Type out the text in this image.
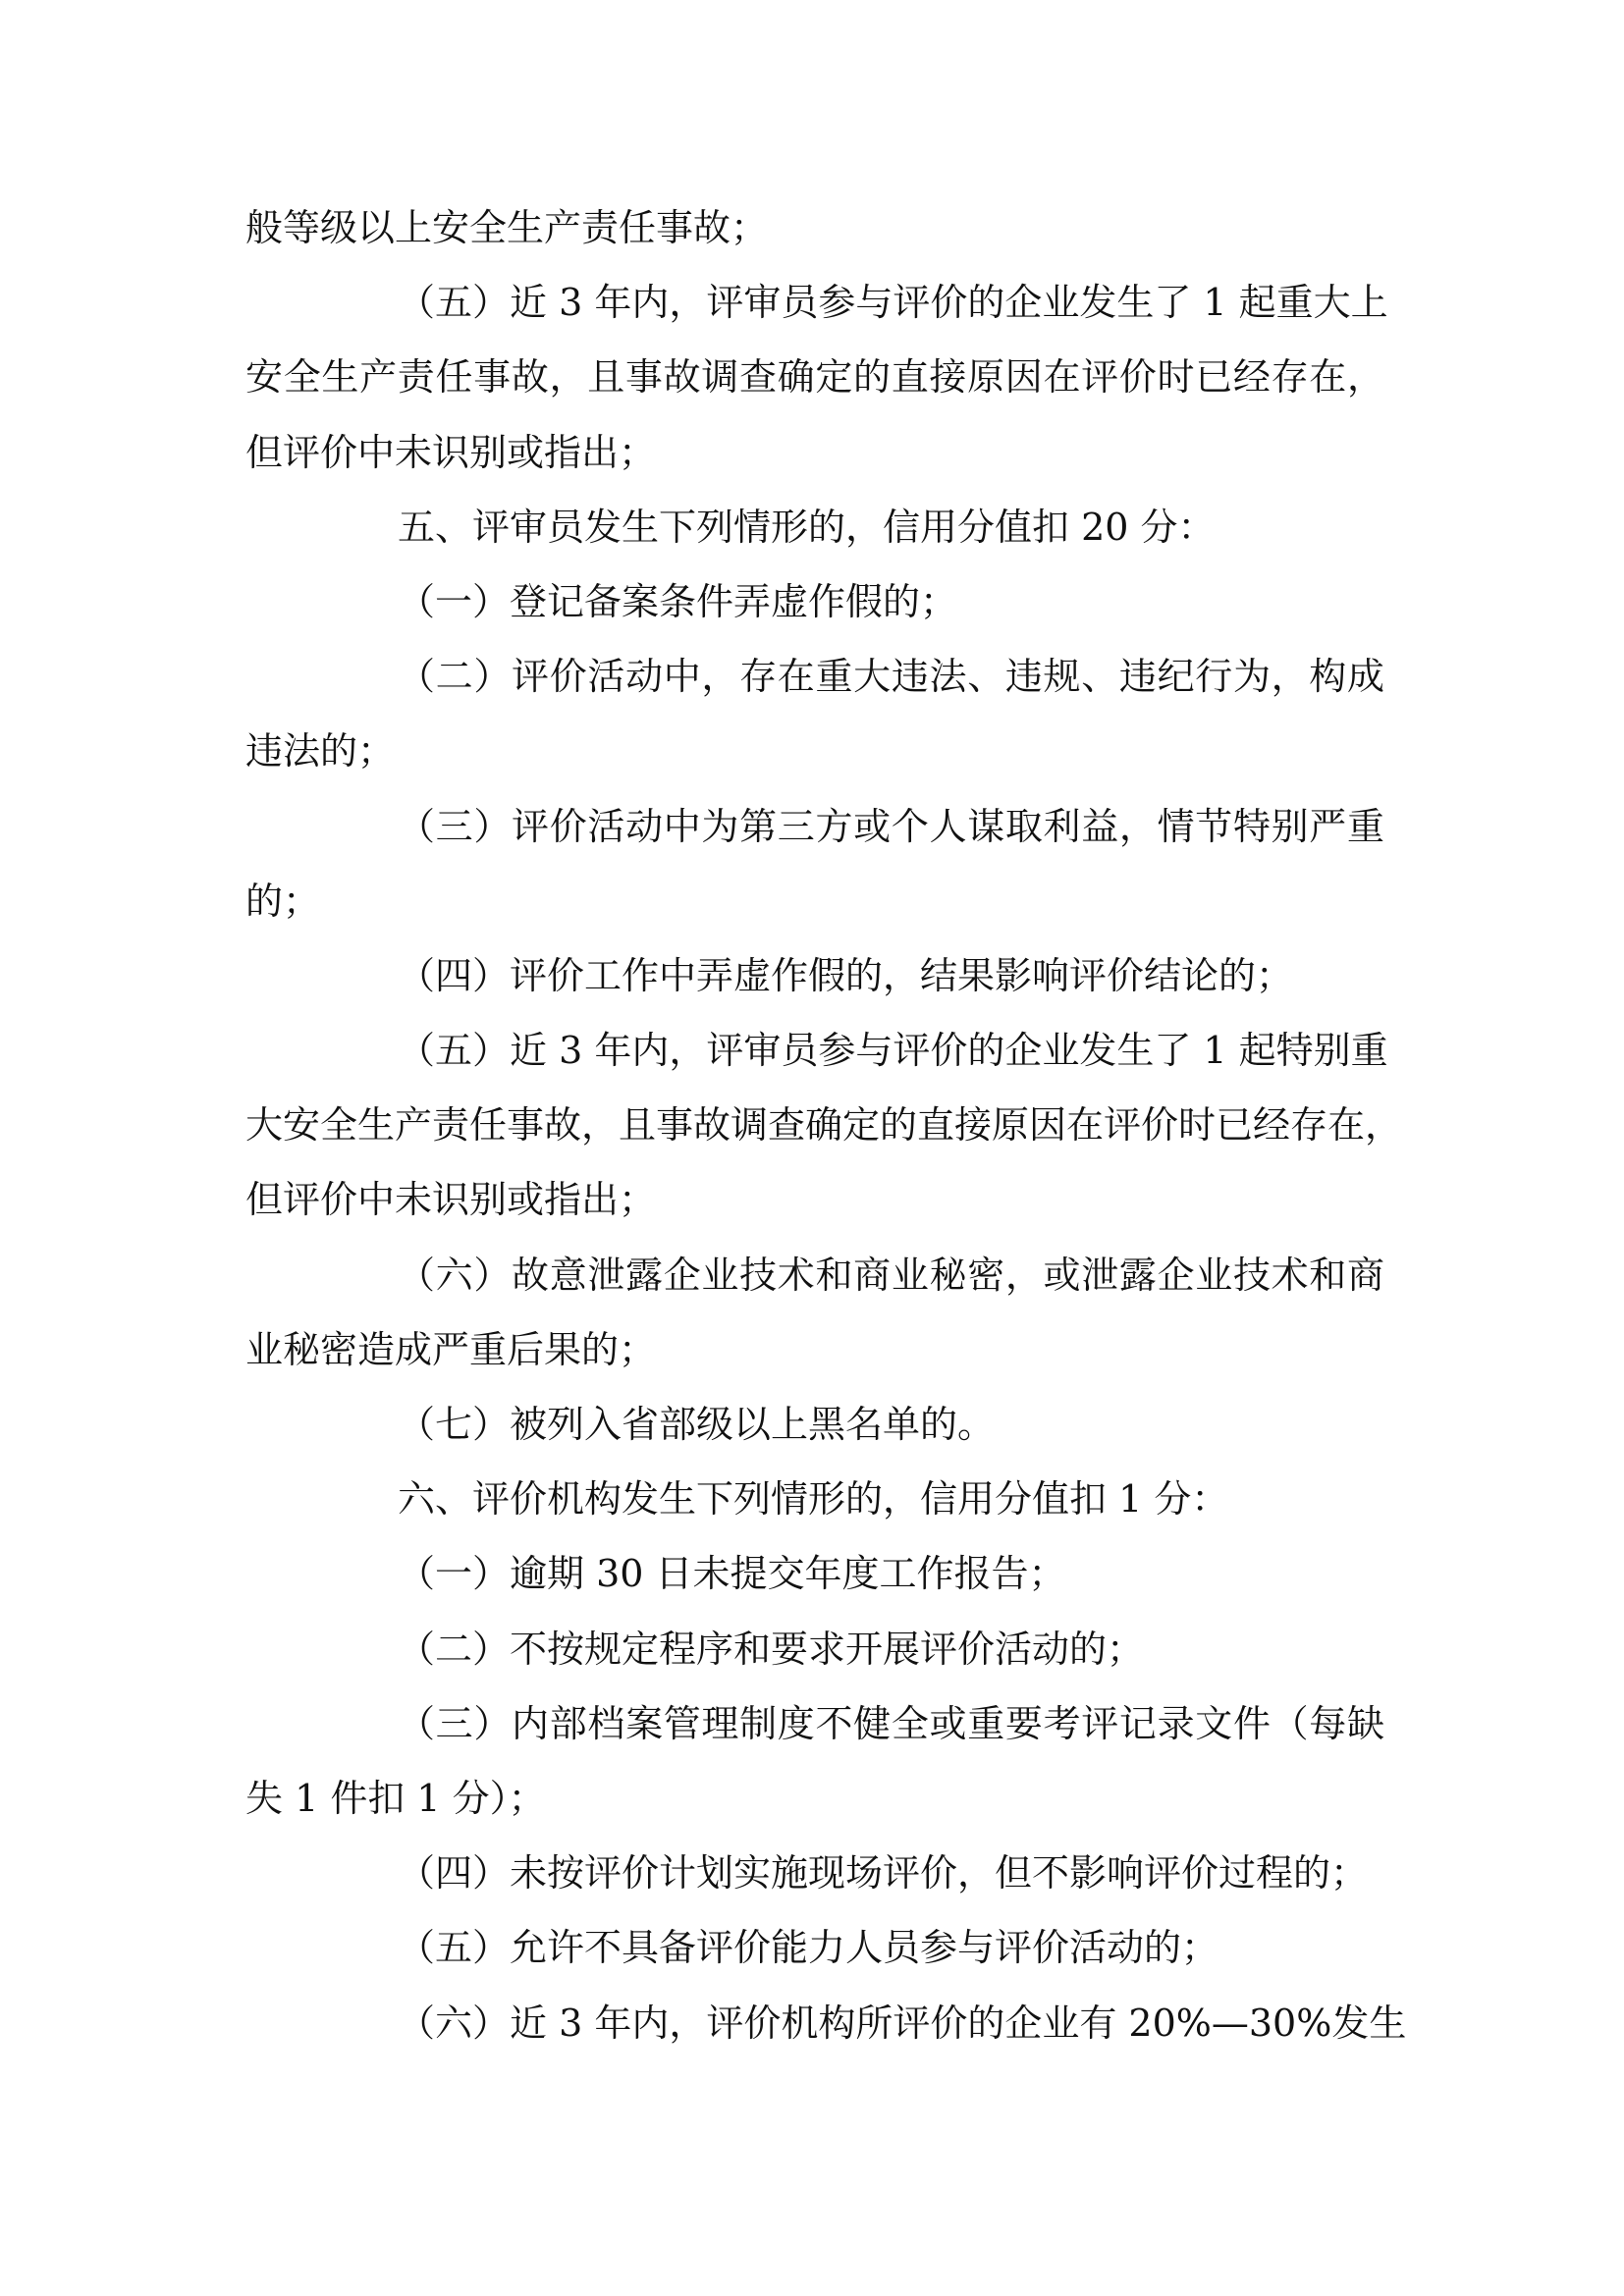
般等级以上安全生产责任事故；
（五）近 3 年内，评审员参与评价的企业发生了 1 起重大上
安全生产责任事故，且事故调查确定的直接原因在评价时已经存在，
但评价中未识别或指出；
五、评审员发生下列情形的，信用分值扣 20 分：
（一）登记备案条件弄虚作假的；
（二）评价活动中，存在重大违法、违规、违纪行为，构成
违法的；
（三）评价活动中为第三方或个人谋取利益，情节特别严重
的；
（四）评价工作中弄虚作假的，结果影响评价结论的；
（五）近 3 年内，评审员参与评价的企业发生了 1 起特别重
大安全生产责任事故，且事故调查确定的直接原因在评价时已经存在，
但评价中未识别或指出；
（六）故意泄露企业技术和商业秘密，或泄露企业技术和商
业秘密造成严重后果的；
（七）被列入省部级以上黑名单的。
六、评价机构发生下列情形的，信用分值扣 1 分：
（一）逾期 30 日未提交年度工作报告；
（二）不按规定程序和要求开展评价活动的；
（三）内部档案管理制度不健全或重要考评记录文件（每缺
失 1 件扣 1 分）；
（四）未按评价计划实施现场评价，但不影响评价过程的；
（五）允许不具备评价能力人员参与评价活动的；
（六）近 3 年内，评价机构所评价的企业有 20%—30%发生
